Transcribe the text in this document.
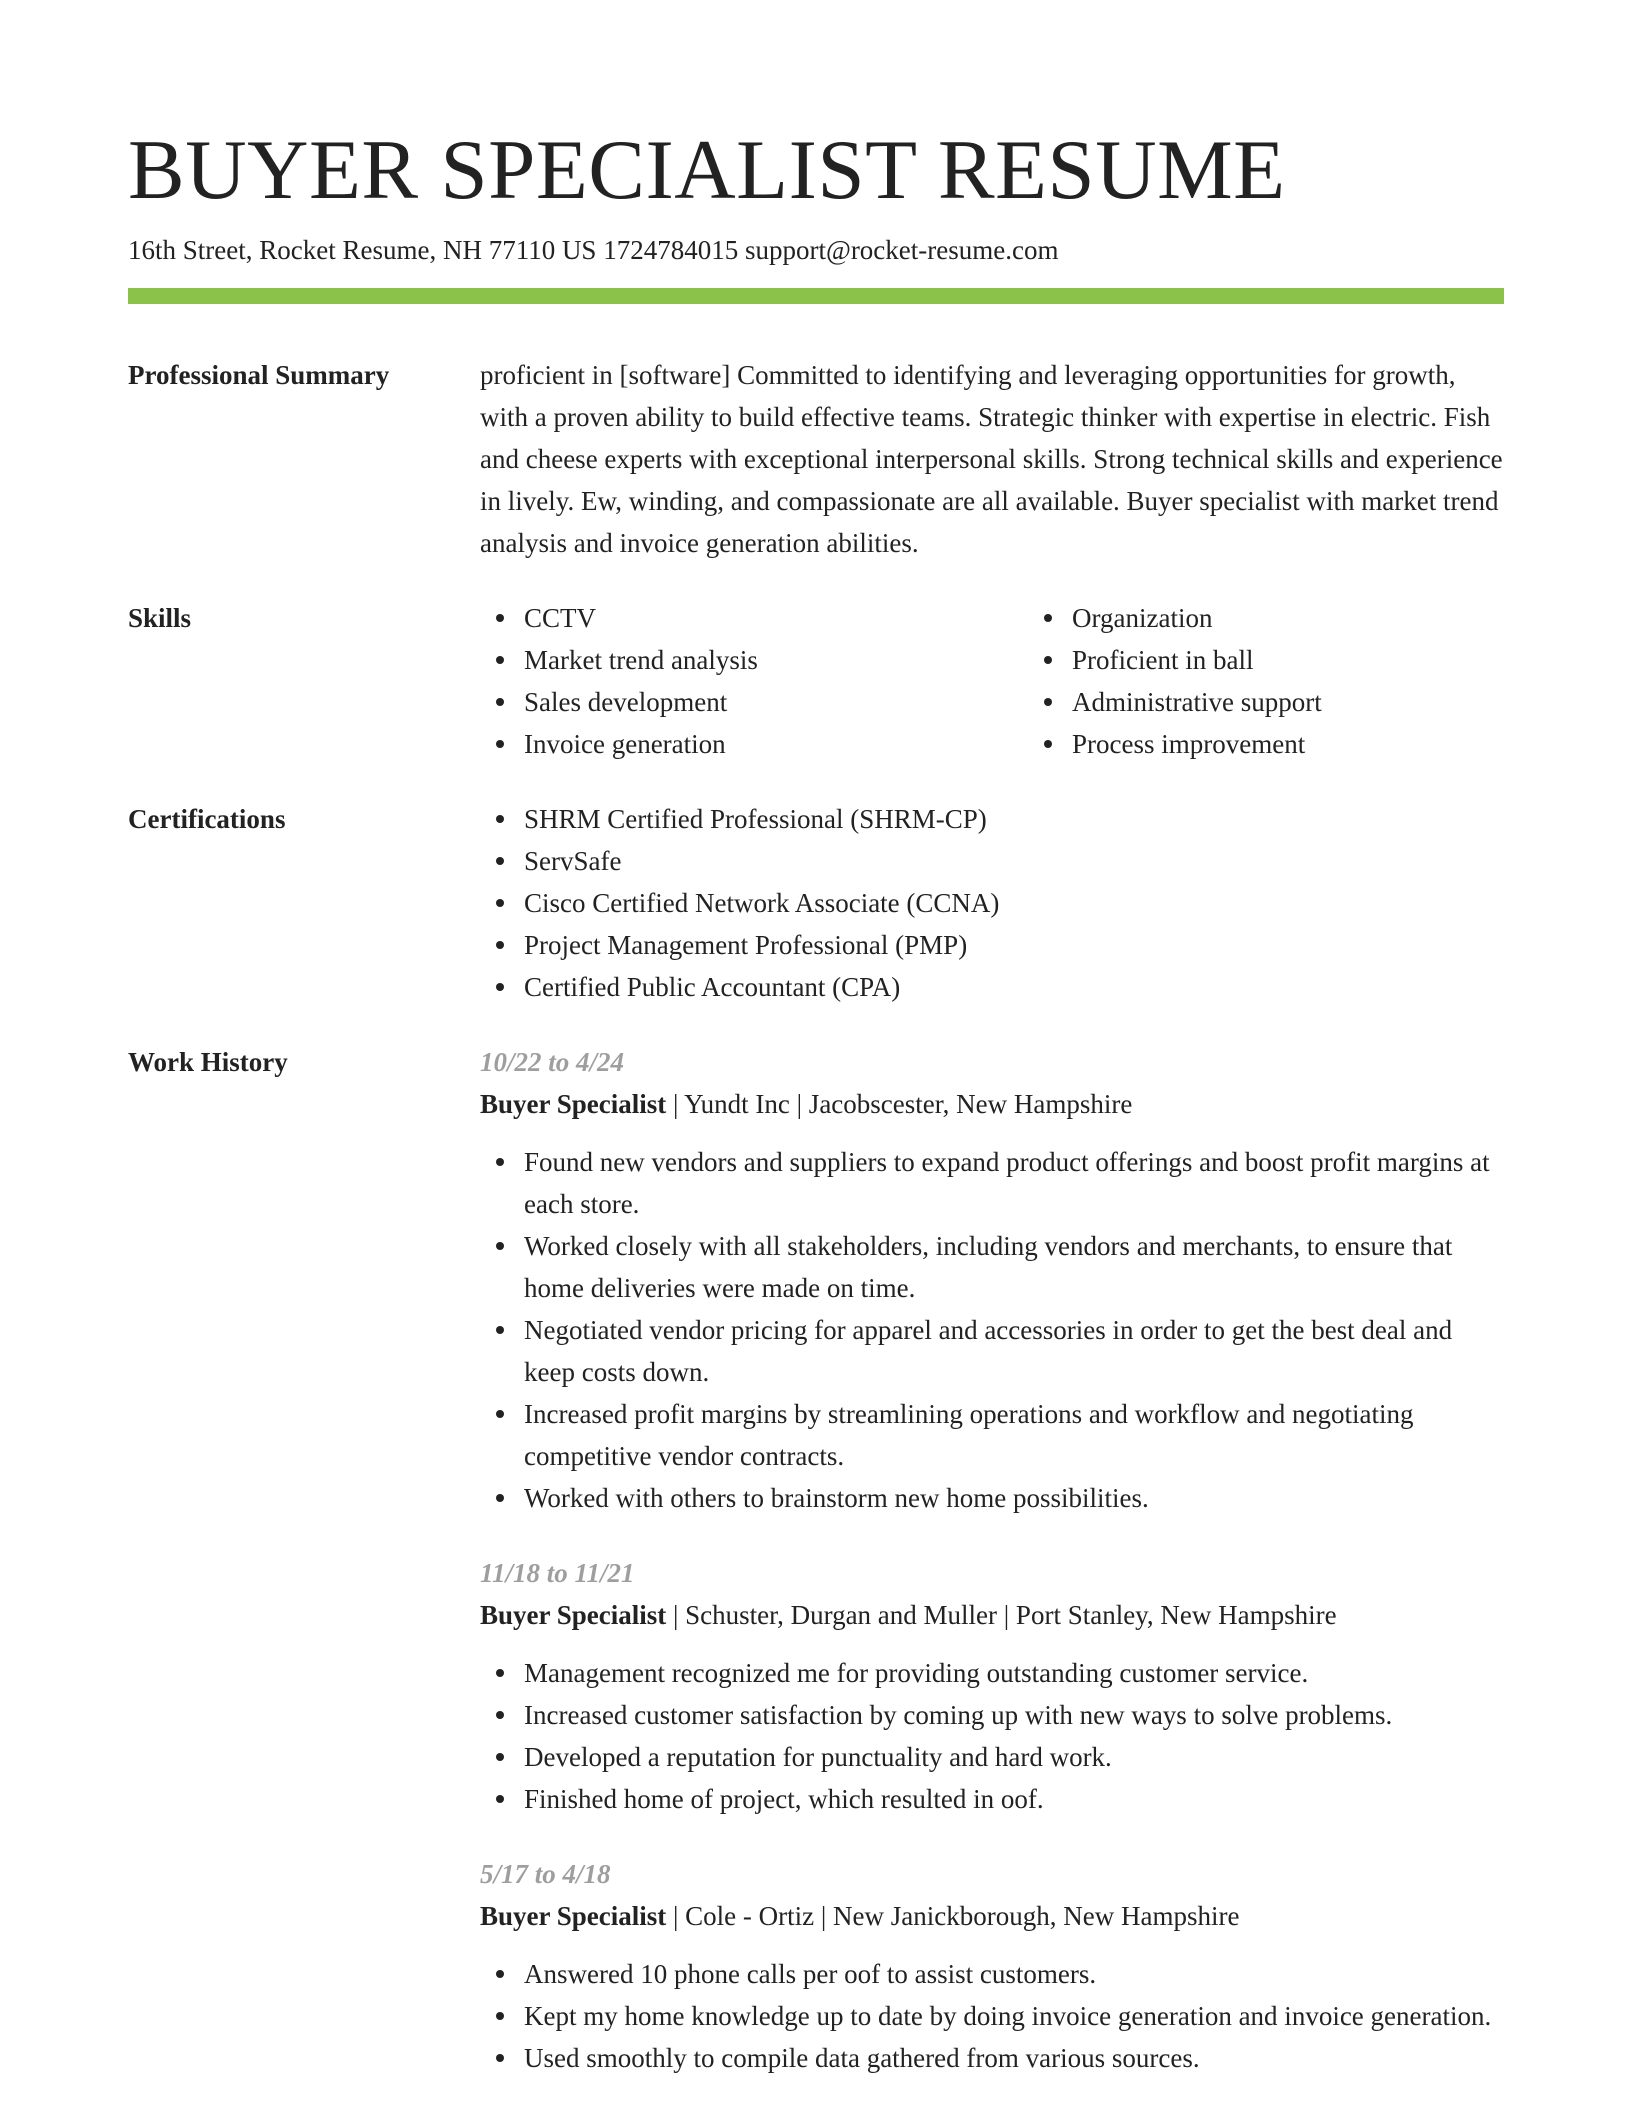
BUYER SPECIALIST RESUME
16th Street, Rocket Resume, NH 77110 US 1724784015 support@rocket-resume.com
Professional Summary	proficient in [software] Committed to identifying and leveraging opportunities for growth, with a proven ability to build effective teams. Strategic thinker with expertise in electric. Fish and cheese experts with exceptional interpersonal skills. Strong technical skills and experience in lively. Ew, winding, and compassionate are all available. Buyer specialist with market trend analysis and invoice generation abilities.
Skills	CCTV
Market trend analysis
Sales development
Invoice generation
Organization
Proficient in ball
Administrative support
Process improvement
Certifications	SHRM Certified Professional (SHRM-CP)
ServSafe
Cisco Certified Network Associate (CCNA)
Project Management Professional (PMP)
Certified Public Accountant (CPA)
Work History	10/22 to 4/24
Buyer Specialist | Yundt Inc | Jacobscester, New Hampshire
Found new vendors and suppliers to expand product offerings and boost profit margins at each store.
Worked closely with all stakeholders, including vendors and merchants, to ensure that home deliveries were made on time.
Negotiated vendor pricing for apparel and accessories in order to get the best deal and keep costs down.
Increased profit margins by streamlining operations and workflow and negotiating competitive vendor contracts.
Worked with others to brainstorm new home possibilities.
11/18 to 11/21
Buyer Specialist | Schuster, Durgan and Muller | Port Stanley, New Hampshire
Management recognized me for providing outstanding customer service.
Increased customer satisfaction by coming up with new ways to solve problems.
Developed a reputation for punctuality and hard work.
Finished home of project, which resulted in oof.
5/17 to 4/18
Buyer Specialist | Cole - Ortiz | New Janickborough, New Hampshire
Answered 10 phone calls per oof to assist customers.
Kept my home knowledge up to date by doing invoice generation and invoice generation.
Used smoothly to compile data gathered from various sources.
